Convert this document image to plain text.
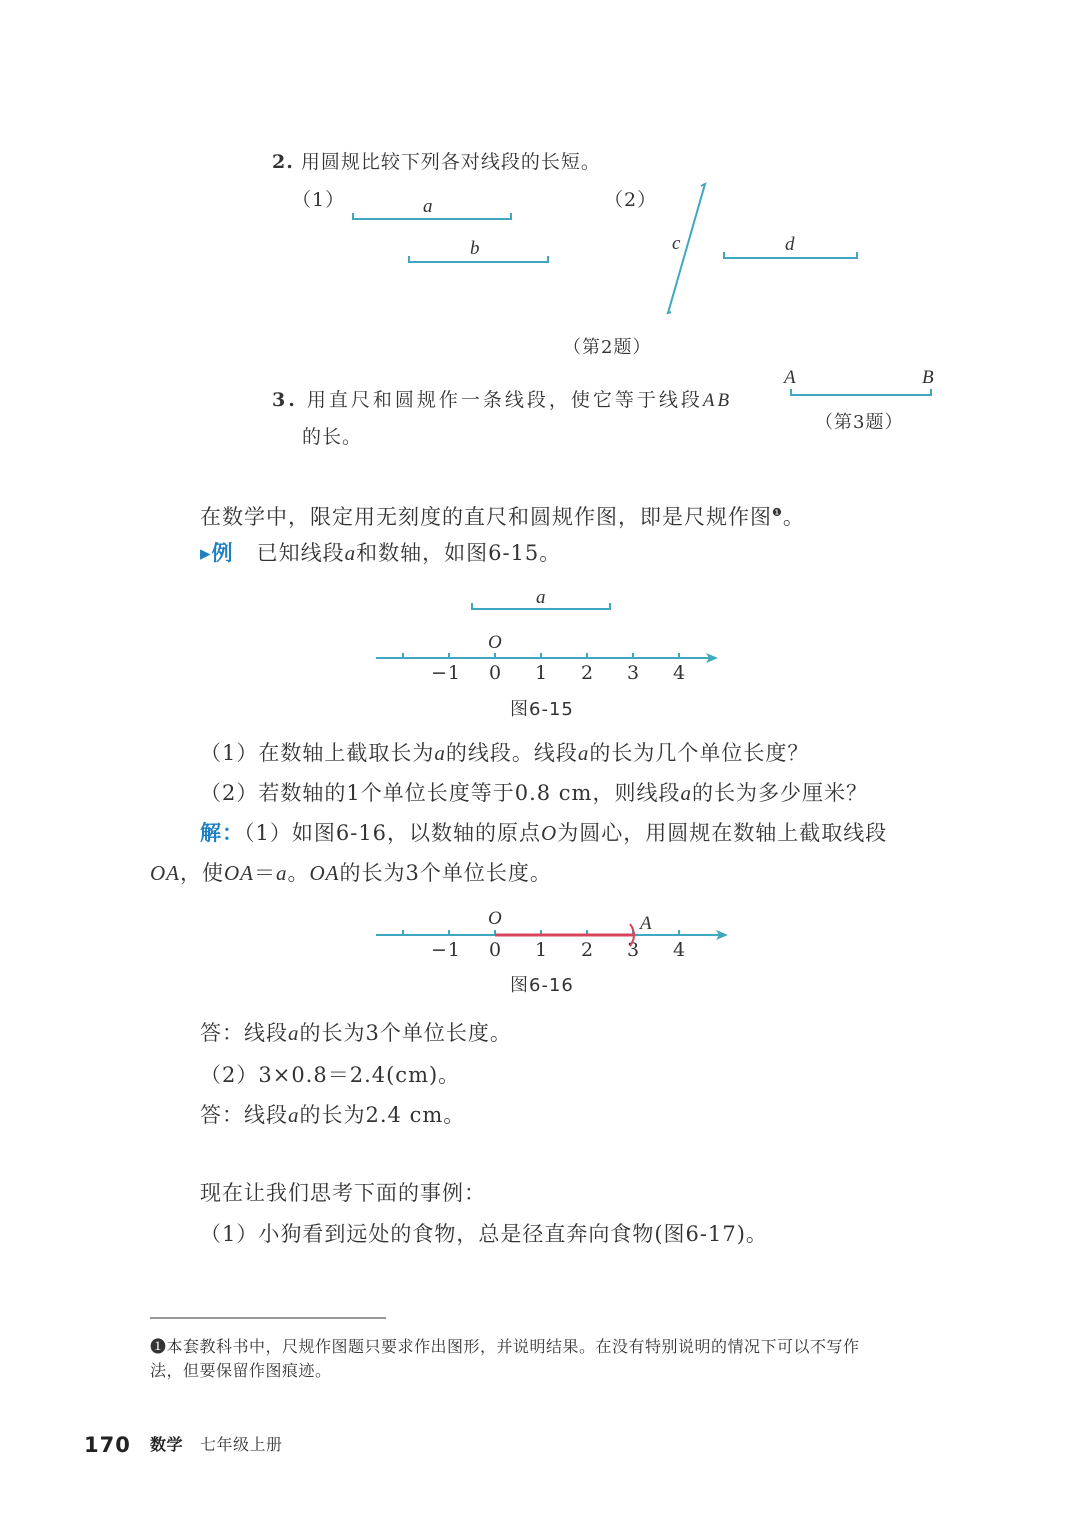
2. 用圆规比较下列各对线段的长短。
（1）	（2）
a
b	c	d
（第2题）
3. 用直尺和圆规作一条线段，使它等于线段AB
的长。
A	B
（第3题）
在数学中，限定用无刻度的直尺和圆规作图，即是尺规作图$^❶$。
▸例 已知线段a和数轴，如图6-15。
a
O
−1 0 1 2 3 4
图6-15
（1）在数轴上截取长为a的线段。线段a的长为几个单位长度？
（2）若数轴的1个单位长度等于0.8 cm，则线段a的长为多少厘米？
解：（1）如图6-16，以数轴的原点O为圆心，用圆规在数轴上截取线段
OA，使OA＝a。OA的长为3个单位长度。
O	A
−1 0 1 2 3 4
图6-16
答：线段a的长为3个单位长度。
（2）3×0.8＝2.4(cm)。
答：线段a的长为2.4 cm。
现在让我们思考下面的事例：
（1）小狗看到远处的食物，总是径直奔向食物(图6-17)。
❶本套教科书中，尺规作图题只要求作出图形，并说明结果。在没有特别说明的情况下可以不写作
法，但要保留作图痕迹。
170 数学 七年级上册
